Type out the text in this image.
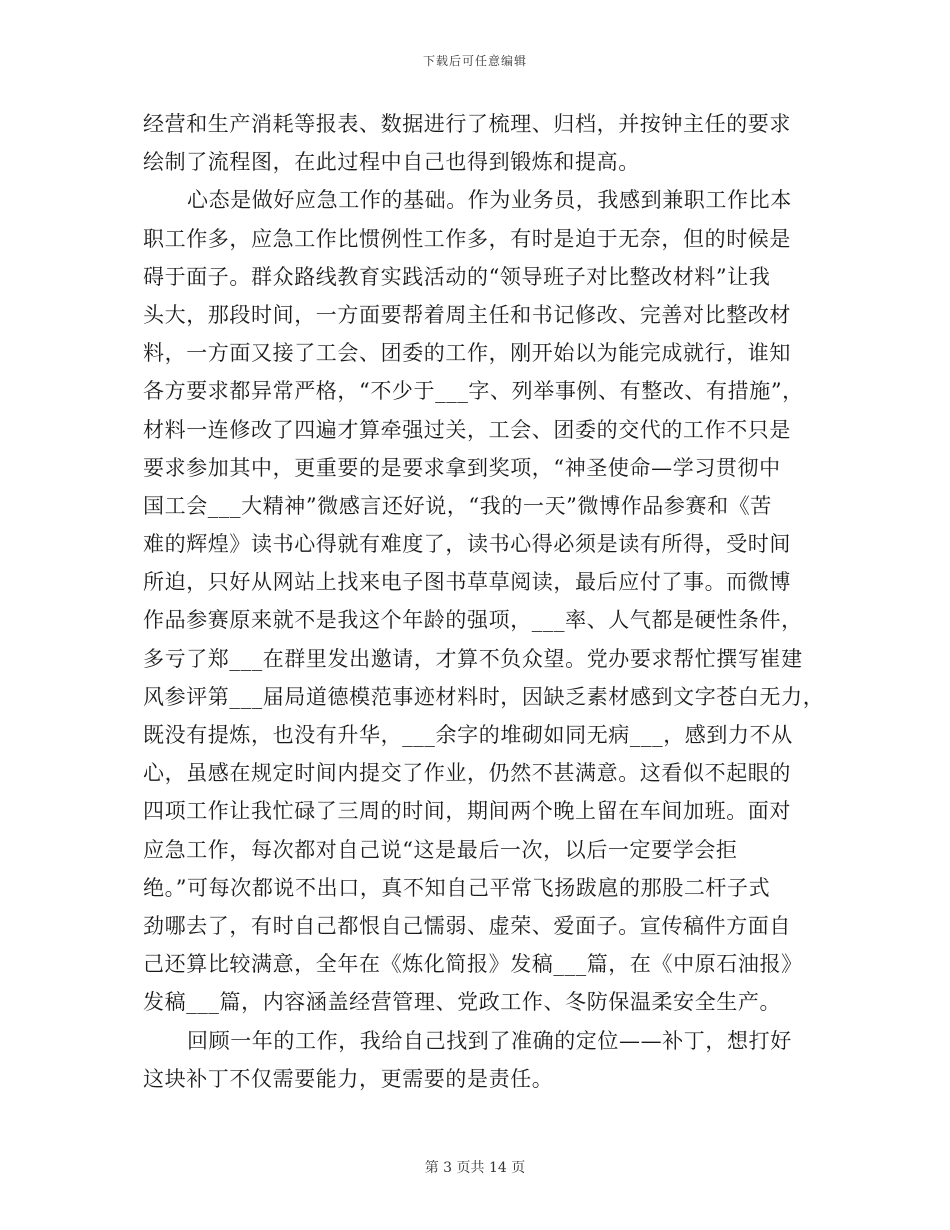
下载后可任意编辑
经营和生产消耗等报表、数据进行了梳理、归档，并按钟主任的要求
绘制了流程图，在此过程中自己也得到锻炼和提高。
心态是做好应急工作的基础。作为业务员，我感到兼职工作比本
职工作多，应急工作比惯例性工作多，有时是迫于无奈，但的时候是
碍于面子。群众路线教育实践活动的“领导班子对比整改材料”让我
头大，那段时间，一方面要帮着周主任和书记修改、完善对比整改材
料，一方面又接了工会、团委的工作，刚开始以为能完成就行，谁知
各方要求都异常严格，“不少于___字、列举事例、有整改、有措施”，
材料一连修改了四遍才算牵强过关，工会、团委的交代的工作不只是
要求参加其中，更重要的是要求拿到奖项，“神圣使命—学习贯彻中
国工会___大精神”微感言还好说，“我的一天”微博作品参赛和《苦
难的辉煌》读书心得就有难度了，读书心得必须是读有所得，受时间
所迫，只好从网站上找来电子图书草草阅读，最后应付了事。而微博
作品参赛原来就不是我这个年龄的强项，___率、人气都是硬性条件，
多亏了郑___在群里发出邀请，才算不负众望。党办要求帮忙撰写崔建
风参评第___届局道德模范事迹材料时，因缺乏素材感到文字苍白无力，
既没有提炼，也没有升华，___余字的堆砌如同无病___，感到力不从
心，虽感在规定时间内提交了作业，仍然不甚满意。这看似不起眼的
四项工作让我忙碌了三周的时间，期间两个晚上留在车间加班。面对
应急工作，每次都对自己说“这是最后一次，以后一定要学会拒
绝。”可每次都说不出口，真不知自己平常飞扬跋扈的那股二杆子式
劲哪去了，有时自己都恨自己懦弱、虚荣、爱面子。宣传稿件方面自
己还算比较满意，全年在《炼化简报》发稿___篇，在《中原石油报》
发稿___篇，内容涵盖经营管理、党政工作、冬防保温柔安全生产。
回顾一年的工作，我给自己找到了准确的定位——补丁，想打好
这块补丁不仅需要能力，更需要的是责任。
第 3 页共 14 页
